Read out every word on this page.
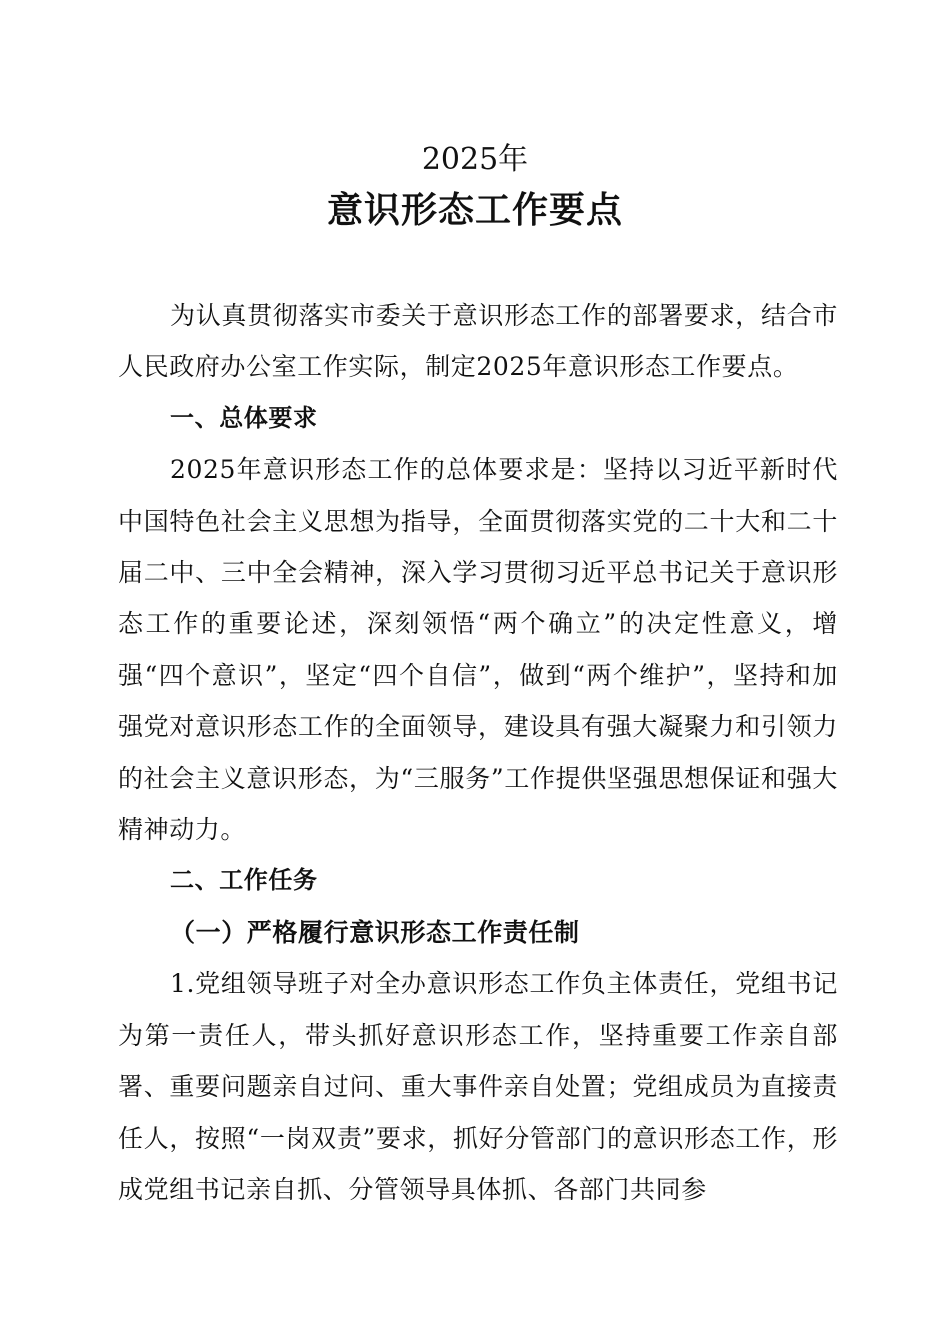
2025年
意识形态工作要点

为认真贯彻落实市委关于意识形态工作的部署要求，结合市人民政府办公室工作实际，制定2025年意识形态工作要点。

一、总体要求

2025年意识形态工作的总体要求是：坚持以习近平新时代中国特色社会主义思想为指导，全面贯彻落实党的二十大和二十届二中、三中全会精神，深入学习贯彻习近平总书记关于意识形态工作的重要论述，深刻领悟“两个确立”的决定性意义，增强“四个意识”，坚定“四个自信”，做到“两个维护”，坚持和加强党对意识形态工作的全面领导，建设具有强大凝聚力和引领力的社会主义意识形态，为“三服务”工作提供坚强思想保证和强大精神动力。

二、工作任务

（一）严格履行意识形态工作责任制

1.党组领导班子对全办意识形态工作负主体责任，党组书记为第一责任人，带头抓好意识形态工作，坚持重要工作亲自部署、重要问题亲自过问、重大事件亲自处置；党组成员为直接责任人，按照“一岗双责”要求，抓好分管部门的意识形态工作，形成党组书记亲自抓、分管领导具体抓、各部门共同参
